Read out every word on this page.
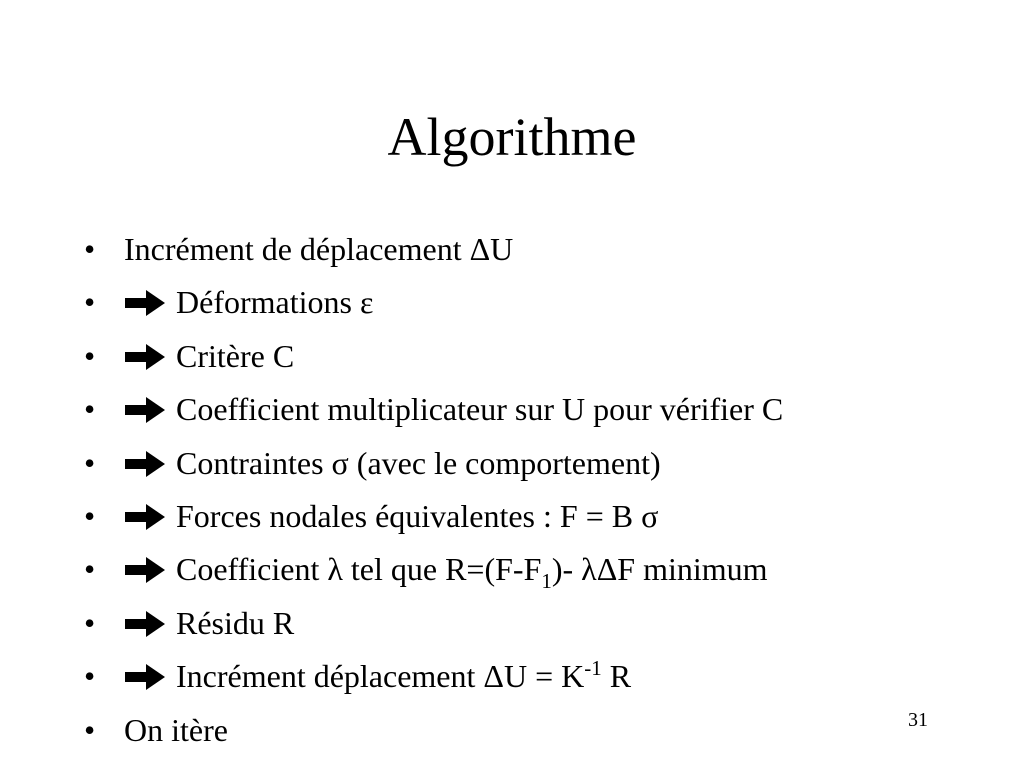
Algorithme
• Incrément de déplacement ΔU
•	Déformations ε
•	Critère C
•	Coefficient multiplicateur sur U pour vérifier C
•	Contraintes σ (avec le comportement)
•	Forces nodales équivalentes : F = B σ
•	Coefficient λ tel que $R=(F-F_1)-$ λΔF minimum
•	Résidu R
•	Incrément déplacement $\Delta U = K^{-1}$ R
• On itère	31
